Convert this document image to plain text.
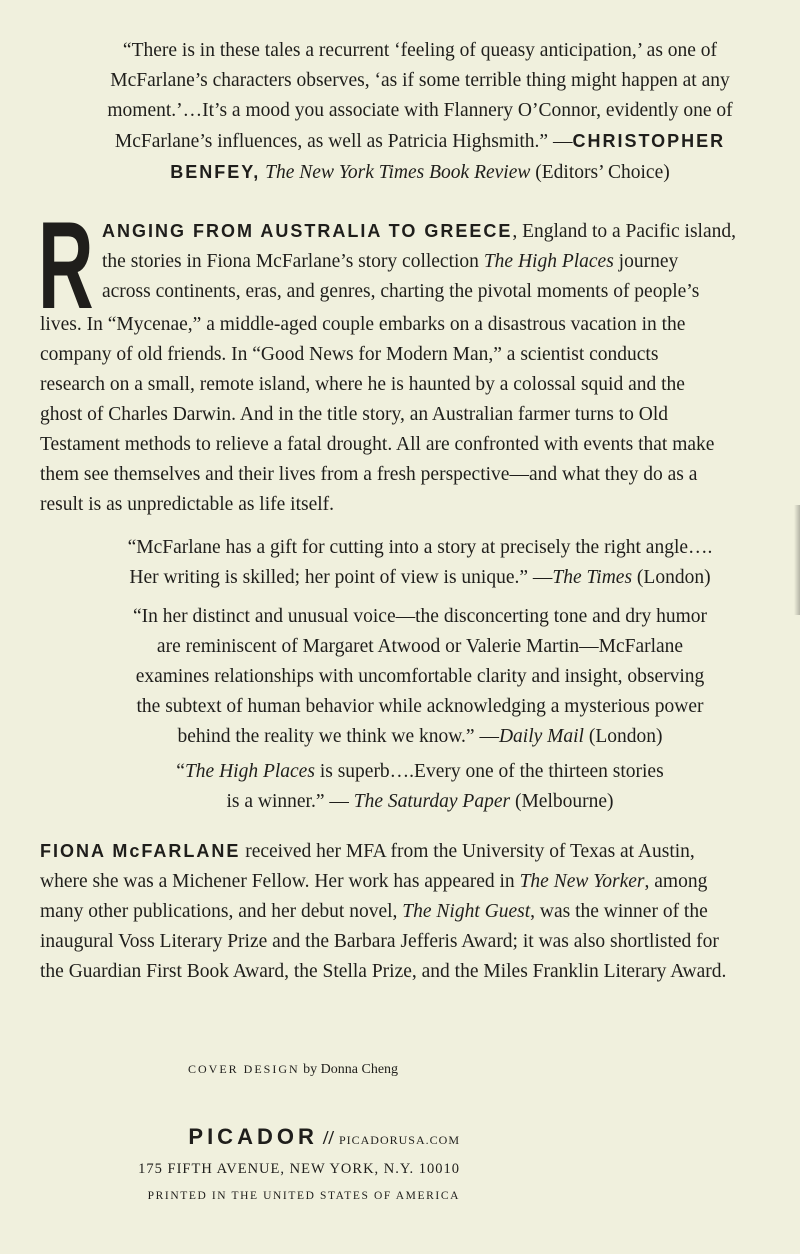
“There is in these tales a recurrent ‘feeling of queasy anticipation,’ as one of
McFarlane’s characters observes, ‘as if some terrible thing might happen at any
moment.’…It’s a mood you associate with Flannery O’Connor, evidently one of
McFarlane’s influences, as well as Patricia Highsmith.” —CHRISTOPHER
BENFEY, The New York Times Book Review (Editors’ Choice)
R ANGING FROM AUSTRALIA TO GREECE, England to a Pacific island,
the stories in Fiona McFarlane’s story collection The High Places journey
across continents, eras, and genres, charting the pivotal moments of people’s
lives. In “Mycenae,” a middle-aged couple embarks on a disastrous vacation in the
company of old friends. In “Good News for Modern Man,” a scientist conducts
research on a small, remote island, where he is haunted by a colossal squid and the
ghost of Charles Darwin. And in the title story, an Australian farmer turns to Old
Testament methods to relieve a fatal drought. All are confronted with events that make
them see themselves and their lives from a fresh perspective—and what they do as a
result is as unpredictable as life itself.
“McFarlane has a gift for cutting into a story at precisely the right angle….
Her writing is skilled; her point of view is unique.” —The Times (London)
“In her distinct and unusual voice—the disconcerting tone and dry humor
are reminiscent of Margaret Atwood or Valerie Martin—McFarlane
examines relationships with uncomfortable clarity and insight, observing
the subtext of human behavior while acknowledging a mysterious power
behind the reality we think we know.” —Daily Mail (London)
“The High Places is superb….Every one of the thirteen stories
is a winner.” — The Saturday Paper (Melbourne)
FIONA McFARLANE received her MFA from the University of Texas at Austin,
where she was a Michener Fellow. Her work has appeared in The New Yorker, among
many other publications, and her debut novel, The Night Guest, was the winner of the
inaugural Voss Literary Prize and the Barbara Jefferis Award; it was also shortlisted for
the Guardian First Book Award, the Stella Prize, and the Miles Franklin Literary Award.
COVER DESIGN by Donna Cheng
PICADOR // PICADORUSA.COM
175 FIFTH AVENUE, NEW YORK, N.Y. 10010
PRINTED IN THE UNITED STATES OF AMERICA
